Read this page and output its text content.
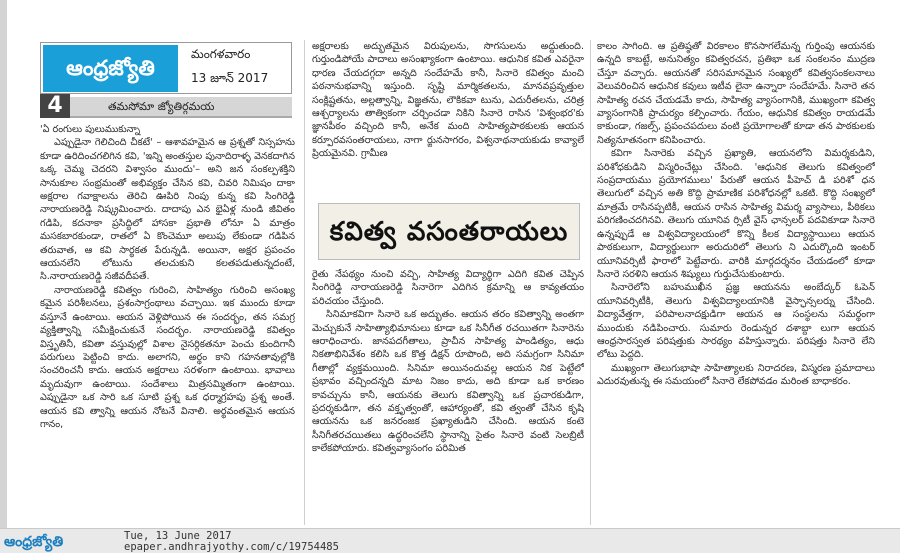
ఆంధ్రజ్యోతి
మంగళవారం
13 జూన్ 2017
4	తమసోమా జ్యోతిర్గమయ

'ఏ రంగులు పులుముకున్నా

ఎప్పుడైనా గెలిచింది చీకటే' – ఆశావహమైన ఆ ప్రశ్నతో నిస్సహను కూడా ఉరిదించగలిగిన కవి, 'ఇన్ని అంతస్తుల పునాదిరాళ్ళ వెనకదాగిన ఒక్క చెమ్మ చెదరని విశ్వాసం ముందు'– అని జన సంకల్పశక్తిని సానుకూల సంభ్రమంతో అభివ్యక్తం చేసిన కవి, చివరి నిమిషం దాకా అక్షరాల గవాక్షాలను తెరిచి ఊపిరి నింపు కున్న కవి సింగిరెడ్డి నారాయణరెడ్డి నిష్క్రమించారు. దాదాపు ఎన భైఏళ్ల నుండి జీవితం గడిపి, కదనాకా ప్రసిద్ధిలో హాసకా ప్రభాతి లోనూ ఏ మాత్రం మసకబారకుండా, రాతలో ఏ కొంచెమూ అలుపు లేకుండా గడిపిన తరువాత, ఆ కవి సార్థకత పేరున్నడి. అయినా, అక్షర ప్రపంచం ఆయనలేని లోటును తలచుకుని కలతపడుతున్నదంటే, సి.నారాయణరెడ్డి సజీవదీపతే.

నారాయణరెడ్డి కవిత్వం గురించి, సాహిత్యం గురించి అసంఖ్య కమైన పరిశీలనలు, ప్రశంసాగ్రంథాలు వచ్చాయి. ఇక ముందు కూడా వస్తూనే ఉంటాయి. ఆయన వెళ్లిపోయిన ఈ సందర్భం, తన సమగ్ర వ్యక్తిత్వాన్ని సమీక్షించుకునే సందర్భం. నారాయణరెడ్డి కవిత్వం విస్తృతినీ, కవితా వస్తువుల్లో విశాల నైసర్గికతనూ పెంచు కుందిగానీ పరుగులు పెట్టించి కాదు. అలాగని, అర్థం కాని గహనతావుల్లోకి సంచరించనీ కాదు. ఆయన అక్షరాలు సరళంగా ఉంటాయి. భావాలు మృదువుగా ఉంటాయి. సందేశాలు మిత్రసమ్మితంగా ఉంటాయి. ఎప్పుడైనా ఒక సారి ఒక సూటి ప్రశ్న ఒక ధర్మాగ్రహపు ప్రశ్న అంతే. ఆయన కవి త్వాన్ని ఆయన నోటనే వినాలి. అర్థవంతమైన ఆయన గానం,

అక్షరాలకు అద్భుతమైన విరుపులను, సొగసులను అద్దుతుంది. గుర్తుండిపోయే పాదాలు అసంఖ్యాకంగా ఉంటాయి. ఆధునిక కవిత ఎవరైనా ధారణ చేయదగ్గదా అన్నది సందేహమే కానీ, సినారె కవిత్వం మంచి పఠనానుభవాన్ని ఇస్తుంది. సృష్టి మార్మికతలను, మానవప్రవృత్తుల సంక్లిష్టతను, అల్లత్వాన్ని, విజ్ఞతను, లౌకికవా టును, ఎదురీతలను, చరిత్ర ఆశ్చర్యాలను తాత్వికంగా చర్చించడా నికిని సినారె రాసిన 'విశ్వంభర'కు జ్ఞానపీఠం వచ్చింది కానీ, అనేక మంది సాహిత్యపాఠకులకు ఆయన కర్పూరవసంతరాయలు, నాగా ర్జునసాగరం, విశ్వనాథనాయకుడు కావ్యాలే ప్రియమైనవి. గ్రామీణ

కవిత్వ వసంతరాయలు

రైతు నేపథ్యం నుంచి వచ్చి, సాహిత్య విద్యార్థిగా ఎదిగి కవిత చెప్పిన సింగిరెడ్డి నారాయణరెడ్డి సినారెగా ఎదిగిన క్రమాన్ని ఆ కావ్యతయం పరిచయం చేస్తుంది.

సినిమాకవిగా సినారె ఒక అద్భుతం. ఆయన తరం కవిత్వాన్ని అంతగా మెచ్చుకునే సాహిత్యాభిమానులు కూడా ఒక సినీగీత రచయితగా సినారెను ఆరాధించారు. జానపదగీతాలు, ప్రాచీన సాహిత్య పాండిత్యం, ఆధు నికతాభినివేశం కలిసి ఒక కొత్త డిక్షన్ రూపొంది, అది సమగ్రంగా సినిమా గీతాల్లో వ్యక్తమయింది. సినిమా అయినందువల్ల ఆయన నిక పెట్టేలో ప్రభావం వచ్చిందన్నది మాట నిజం కాదు, అది కూడా ఒక కారణం కావచ్చును కానీ, ఆయనకు తెలుగు కవిత్వాన్ని ఒక ప్రచారకుడిగా, ప్రదర్శకుడిగా, తన వక్తృత్వంతో, ఆహార్యంతో, కవి త్వంతో చేసిన కృషి ఆయనను ఒక జనరంజక ప్రఖ్యాతుడిని చేసింది. ఆయన కంటె సీనిగీతరచయితలు ఉద్ధరించలేని స్థానాన్ని సైతం సినారె వంటి సెలబ్రిటీ కాలేకపోయారు. కవిత్వవ్యాసంగం పరిమిత

కాలం సాగింది. ఆ ప్రతిష్ఠతో విరకాలం కొనసాగలేమన్న గుర్తింపు ఆయనకు ఉన్నది కాబట్టే, అనునిత్యం కవిత్వరచన, ప్రతిభా ఒక సంకలనం ముద్రణ చేస్తూ వచ్చారు. ఆయనతో సరిసమానమైన సంఖ్యలో కవిత్వసంకలనాలు వెలువరించిన ఆధునిక కవులు ఇటీవ లైనా ఉన్నారా సందేహమే. సినారె తన సాహిత్య రచన చేయడమే కాదు, సాహిత్య వ్యాసంగానికి, ముఖ్యంగా కవిత్వ వ్యాసంగానికి ప్రాచుర్యం కల్పించారు. గేయం, ఆధునిక కవిత్వం రాయడమే కాకుండా, గజల్స్, ప్రపంచపదులు వంటి ప్రయోగాలతో కూడా తన పాఠకులకు నిత్యనూతనంగా కనిపించారు.

కవిగా సినారెకు వచ్చిన ప్రఖ్యాతి, ఆయనలోని విమర్శకుడిని, పరిశోధకుడిని విస్మరించేట్లు చేసింది. 'ఆధునిక తెలుగు కవిత్వంలో సంప్రదాయము ప్రయోగములు' పేరుతో ఆయన పీహెచ్ డి పరిశో ధన తెలుగులో వచ్చిన అతి కొద్ది ప్రామాణిక పరిశోధనల్లో ఒకటి. కొద్ది సంఖ్యలో మాత్రమే రాసినప్పటికీ, ఆయన రాసిన సాహిత్య విమర్శ వ్యాసాలు, పీఠికలు పరిగణించదగినవి. తెలుగు యూనివ ర్సిటీ వైస్ ఛాన్సలర్ పదవికూడా సినారె ఉన్నప్పుడే ఆ విశ్వవిద్యాలయంలో కొన్ని కీలక విద్యాస్థాయిలు ఆయన పాఠకులుగా, విద్యార్థులుగా అరుదురిలో తెలుగు ని ఎదుర్కొంది ఇంటర్ యూనివర్సిటీ ఫారాలో పెట్టేవారు. వారికి మార్గదర్శనం చేయడంలో కూడా సినారె సరళిని ఆయన శిష్యులు గుర్తుచేసుకుంటారు.

సినారెలోని బహుముఖీన ప్రజ్ఞ ఆయనను అంబేద్కర్ ఓపెన్ యూనివర్సిటీకి, తెలుగు విశ్వవిద్యాలయానికి వైస్ఛాన్సలర్ను చేసింది. విద్యావేత్తగా, పరిపాలనాదక్షుడిగా ఆయన ఆ సంస్థలను సమర్థంగా ముందుకు నడిపించారు. సుమారు రెండున్నర దశాబ్దా లుగా ఆయన ఆంధ్రసారస్వత పరిషత్తుకు సారథ్యం వహిస్తున్నారు. పరిషత్తు సినారె లేని లోటు పెద్దది.

ముఖ్యంగా తెలుగుభాషా సాహిత్యాలకు నిరాదరణ, విస్మరణ ప్రమాదాలు ఎదురవుతున్న ఈ సమయంలో సినారె లేకపోవడం మరింత బాధాకరం.

ఆంధ్రజ్యోతి	Tue, 13 June 2017
epaper.andhrajyothy.com/c/19754485
